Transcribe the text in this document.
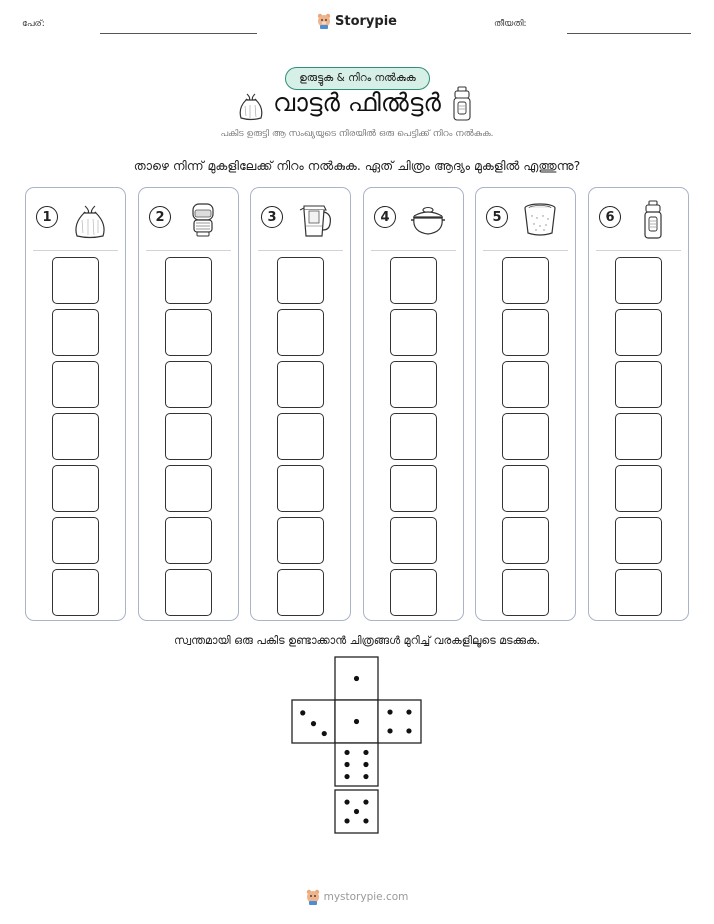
പേര്:	Storypie	തീയതി:
ഉരുട്ടുക & നിറം നൽകുക
വാട്ടർ ഫിൽട്ടർ
പകിട ഉരുട്ടി ആ സംഖ്യയുടെ നിരയിൽ ഒരു പെട്ടിക്ക് നിറം നൽകുക.
താഴെ നിന്ന് മുകളിലേക്ക് നിറം നൽകുക. ഏത് ചിത്രം ആദ്യം മുകളിൽ എത്തുന്നു?
1	2	3	4	5	6
സ്വന്തമായി ഒരു പകിട ഉണ്ടാക്കാൻ ചിത്രങ്ങൾ മുറിച്ച് വരകളിലൂടെ മടക്കുക.
mystorypie.com
